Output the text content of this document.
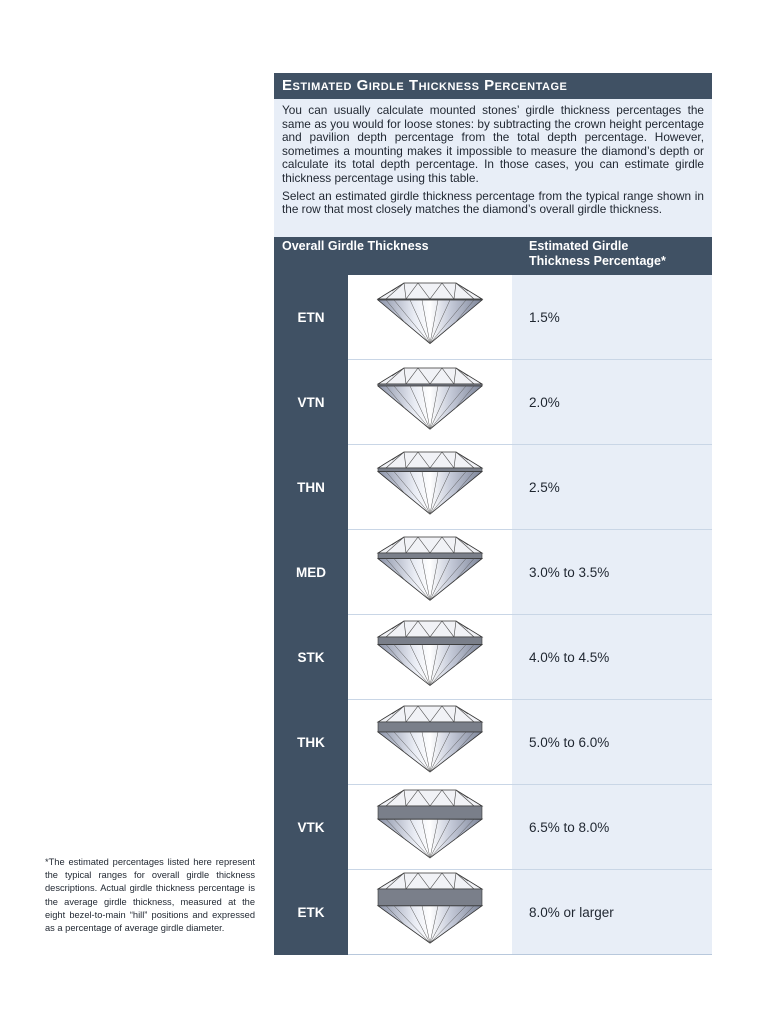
Estimated Girdle Thickness Percentage

You can usually calculate mounted stones’ girdle thickness percentages the same as you would for loose stones: by subtracting the crown height percentage and pavilion depth percentage from the total depth percentage. However, sometimes a mounting makes it impossible to measure the diamond’s depth or calculate its total depth percentage. In those cases, you can estimate girdle thickness percentage using this table.

Select an estimated girdle thickness percentage from the typical range shown in the row that most closely matches the diamond’s overall girdle thickness.

Overall Girdle Thickness	Estimated Girdle
Thickness Percentage*
ETN	1.5%
VTN	2.0%
THN	2.5%
MED	3.0% to 3.5%
STK	4.0% to 4.5%
THK	5.0% to 6.0%
VTK	6.5% to 8.0%
ETK	8.0% or larger
*The estimated percentages listed here represent the typical ranges for overall girdle thickness descriptions. Actual girdle thickness percentage is the average girdle thickness, measured at the eight bezel-to-main “hill” positions and expressed as a percentage of average girdle diameter.
